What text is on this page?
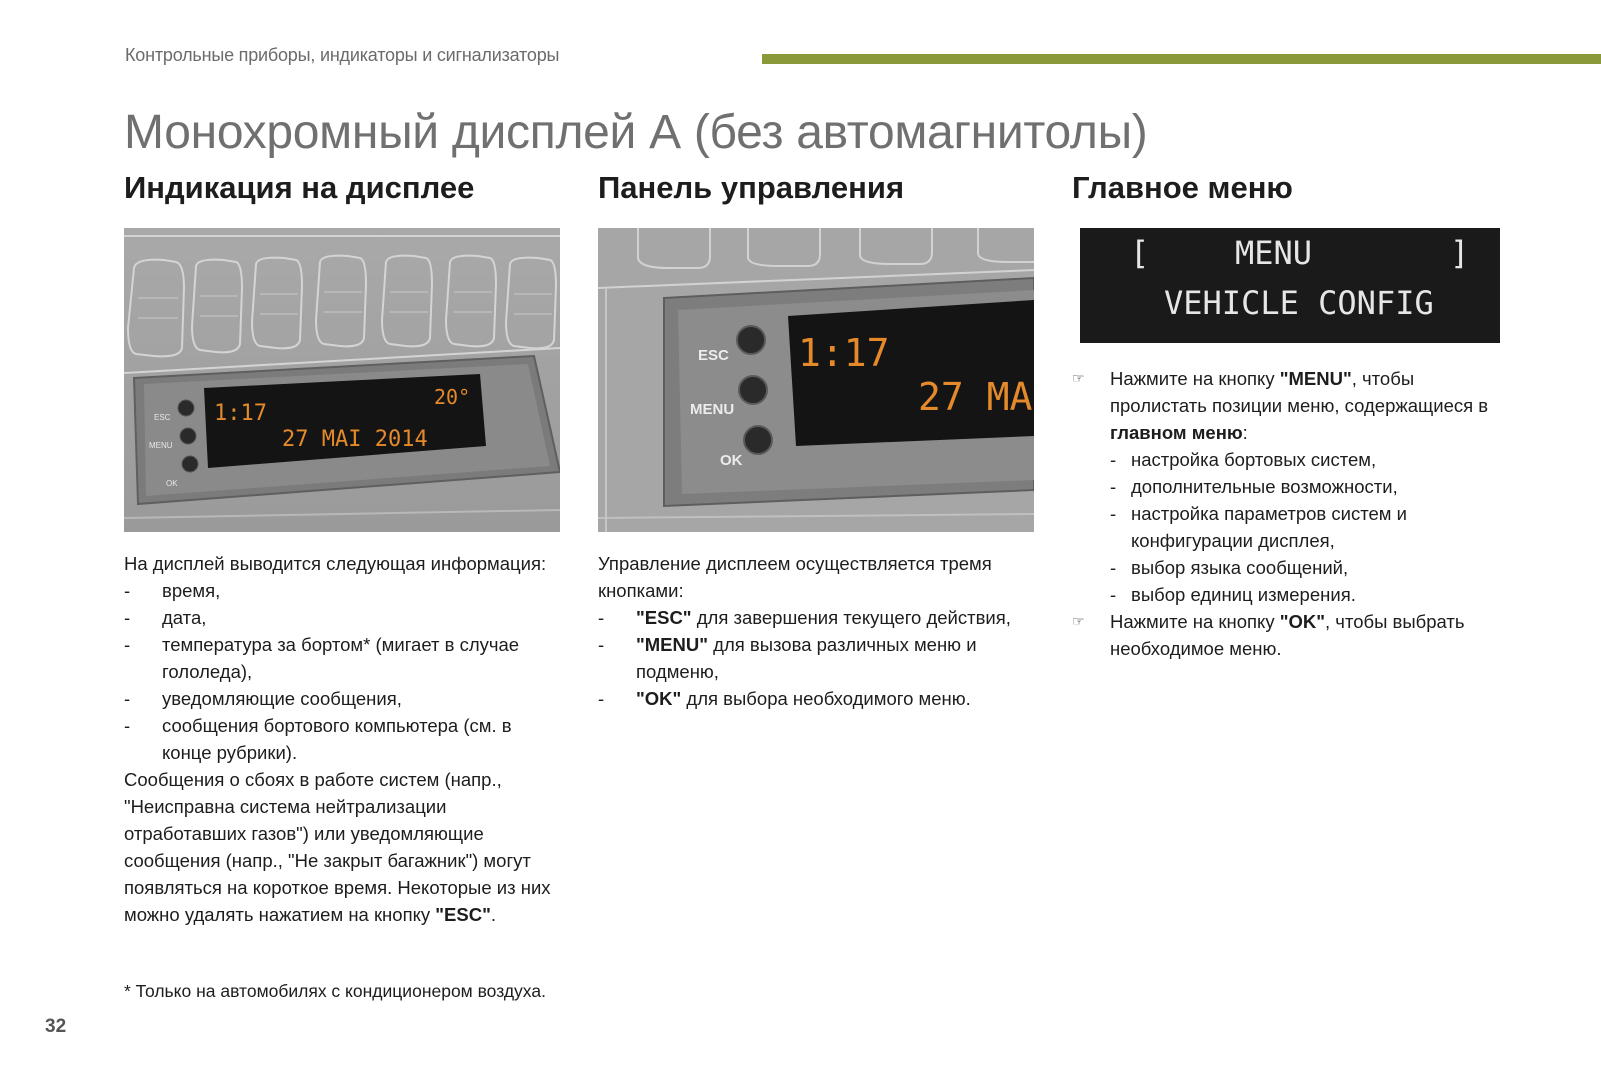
Контрольные приборы, индикаторы и сигнализаторы
Монохромный дисплей А (без автомагнитолы)
Индикация на дисплее
1:17
20°
27 MAI 2014
ESC
MENU
OK

На дисплей выводится следующая информация:

- время,
- дата,
- температура за бортом* (мигает в случае гололеда),
- уведомляющие сообщения,
- сообщения бортового компьютера (см. в конце рубрики).

Сообщения о сбоях в работе систем (напр., "Неисправна система нейтрализации отработавших газов") или уведомляющие сообщения (напр., "Не закрыт багажник") могут появляться на короткое время. Некоторые из них можно удалять нажатием на кнопку "ESC".

Панель управления
1:17
27 MA
ESC
MENU
OK

Управление дисплеем осуществляется тремя кнопками:

- "ESC" для завершения текущего действия,
- "MENU" для вызова различных меню и подменю,
- "OK" для выбора необходимого меню.
Главное меню
[	MENU	]
VEHICLE CONFIG
☞ Нажмите на кнопку "MENU", чтобы пролистать позиции меню, содержащиеся в главном меню:
- настройка бортовых систем,
- дополнительные возможности,
- настройка параметров систем и конфигурации дисплея,
- выбор языка сообщений,
- выбор единиц измерения.
☞ Нажмите на кнопку "OK", чтобы выбрать необходимое меню.
* Только на автомобилях с кондиционером воздуха.
32
